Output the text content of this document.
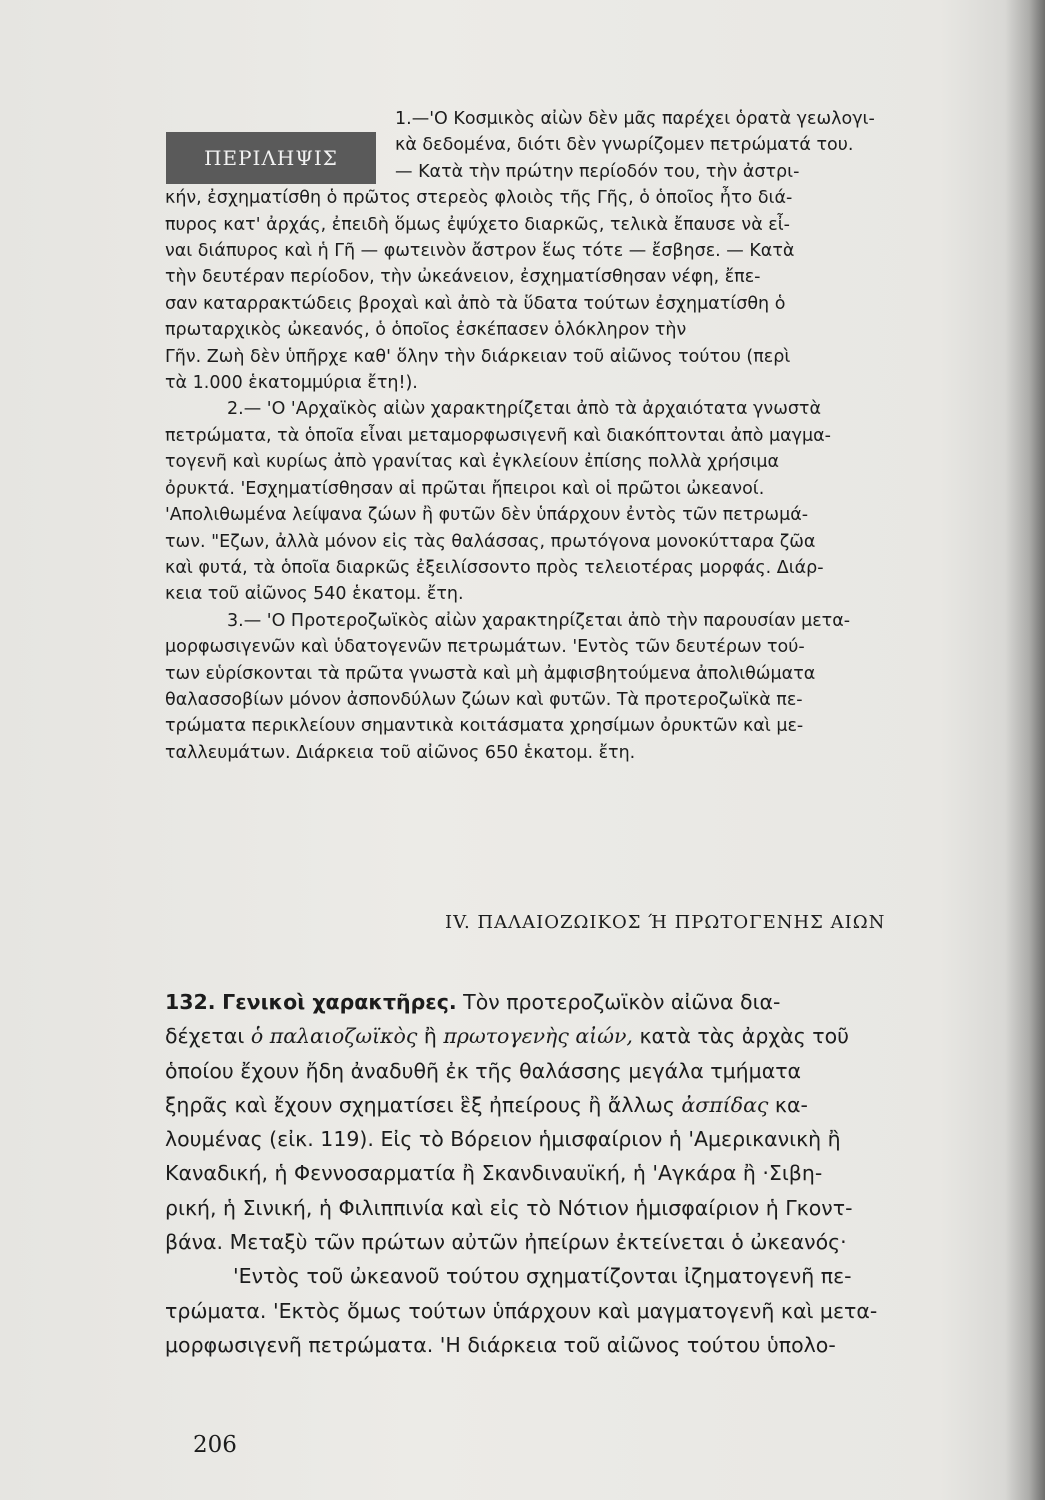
ΠΕΡΙΛΗΨΙΣ

1.—'Ο Κοσμικὸς αἰὼν δὲν μᾶς παρέχει ὁρατὰ γεωλογι-

κὰ δεδομένα, διότι δὲν γνωρίζομεν πετρώματά του.

— Κατὰ τὴν πρώτην περίοδόν του, τὴν ἀστρι-

κήν, ἐσχηματίσθη ὁ πρῶτος στερεὸς φλοιὸς τῆς Γῆς, ὁ ὁποῖος ἦτο διά-

πυρος κατ' ἀρχάς, ἐπειδὴ ὅμως ἐψύχετο διαρκῶς, τελικὰ ἔπαυσε νὰ εἶ-

ναι διάπυρος καὶ ἡ Γῆ — φωτεινὸν ἄστρον ἕως τότε — ἔσβησε. — Κατὰ

τὴν δευτέραν περίοδον, τὴν ὠκεάνειον, ἐσχηματίσθησαν νέφη, ἔπε-

σαν καταρρακτώδεις βροχαὶ καὶ ἀπὸ τὰ ὕδατα τούτων ἐσχηματίσθη ὁ

πρωταρχικὸς ὠκεανός, ὁ ὁποῖος ἐσκέπασεν ὁλόκληρον τὴν

Γῆν. Ζωὴ δὲν ὑπῆρχε καθ' ὅλην τὴν διάρκειαν τοῦ αἰῶνος τούτου (περὶ

τὰ 1.000 ἑκατομμύρια ἔτη!).

2.— 'Ο 'Αρχαϊκὸς αἰὼν χαρακτηρίζεται ἀπὸ τὰ ἀρχαιότατα γνωστὰ

πετρώματα, τὰ ὁποῖα εἶναι μεταμορφωσιγενῆ καὶ διακόπτονται ἀπὸ μαγμα-

τογενῆ καὶ κυρίως ἀπὸ γρανίτας καὶ ἐγκλείουν ἐπίσης πολλὰ χρήσιμα

ὀρυκτά. 'Εσχηματίσθησαν αἱ πρῶται ἤπειροι καὶ οἱ πρῶτοι ὠκεανοί.

'Απολιθωμένα λείψανα ζώων ἢ φυτῶν δὲν ὑπάρχουν ἐντὸς τῶν πετρωμά-

των. "Εζων, ἀλλὰ μόνον εἰς τὰς θαλάσσας, πρωτόγονα μονοκύτταρα ζῶα

καὶ φυτά, τὰ ὁποῖα διαρκῶς ἐξειλίσσοντο πρὸς τελειοτέρας μορφάς. Διάρ-

κεια τοῦ αἰῶνος 540 ἑκατομ. ἔτη.

3.— 'Ο Προτεροζωϊκὸς αἰὼν χαρακτηρίζεται ἀπὸ τὴν παρουσίαν μετα-

μορφωσιγενῶν καὶ ὑδατογενῶν πετρωμάτων. 'Εντὸς τῶν δευτέρων τού-

των εὑρίσκονται τὰ πρῶτα γνωστὰ καὶ μὴ ἀμφισβητούμενα ἀπολιθώματα

θαλασσοβίων μόνον ἀσπονδύλων ζώων καὶ φυτῶν. Τὰ προτεροζωϊκὰ πε-

τρώματα περικλείουν σημαντικὰ κοιτάσματα χρησίμων ὀρυκτῶν καὶ με-

ταλλευμάτων. Διάρκεια τοῦ αἰῶνος 650 ἑκατομ. ἔτη.

IV. ΠΑΛΑΙΟΖΩΙΚΟΣ Ή ΠΡΩΤΟΓΕΝΗΣ ΑΙΩΝ
132. Γενικοὶ χαρακτῆρες. Τὸν προτεροζωϊκὸν αἰῶνα δια-
δέχεται ὁ παλαιοζωϊκὸς ἢ πρωτογενὴς αἰών, κατὰ τὰς ἀρχὰς τοῦ
ὁποίου ἔχουν ἤδη ἀναδυθῆ ἐκ τῆς θαλάσσης μεγάλα τμήματα
ξηρᾶς καὶ ἔχουν σχηματίσει ἓξ ἠπείρους ἢ ἄλλως ἀσπίδας κα-
λουμένας (εἰκ. 119). Εἰς τὸ Βόρειον ἡμισφαίριον ἡ 'Αμερικανικὴ ἢ
Καναδική, ἡ Φεννοσαρματία ἢ Σκανδιναυϊκή, ἡ 'Αγκάρα ἢ ·Σιβη-
ρική, ἡ Σινική, ἡ Φιλιππινία καὶ εἰς τὸ Νότιον ἡμισφαίριον ἡ Γκοντ-
βάνα. Μεταξὺ τῶν πρώτων αὐτῶν ἠπείρων ἐκτείνεται ὁ ὠκεανός·
'Εντὸς τοῦ ὠκεανοῦ τούτου σχηματίζονται ἰζηματογενῆ πε-
τρώματα. 'Εκτὸς ὅμως τούτων ὑπάρχουν καὶ μαγματογενῆ καὶ μετα-
μορφωσιγενῆ πετρώματα. 'Η διάρκεια τοῦ αἰῶνος τούτου ὑπολο-
206
